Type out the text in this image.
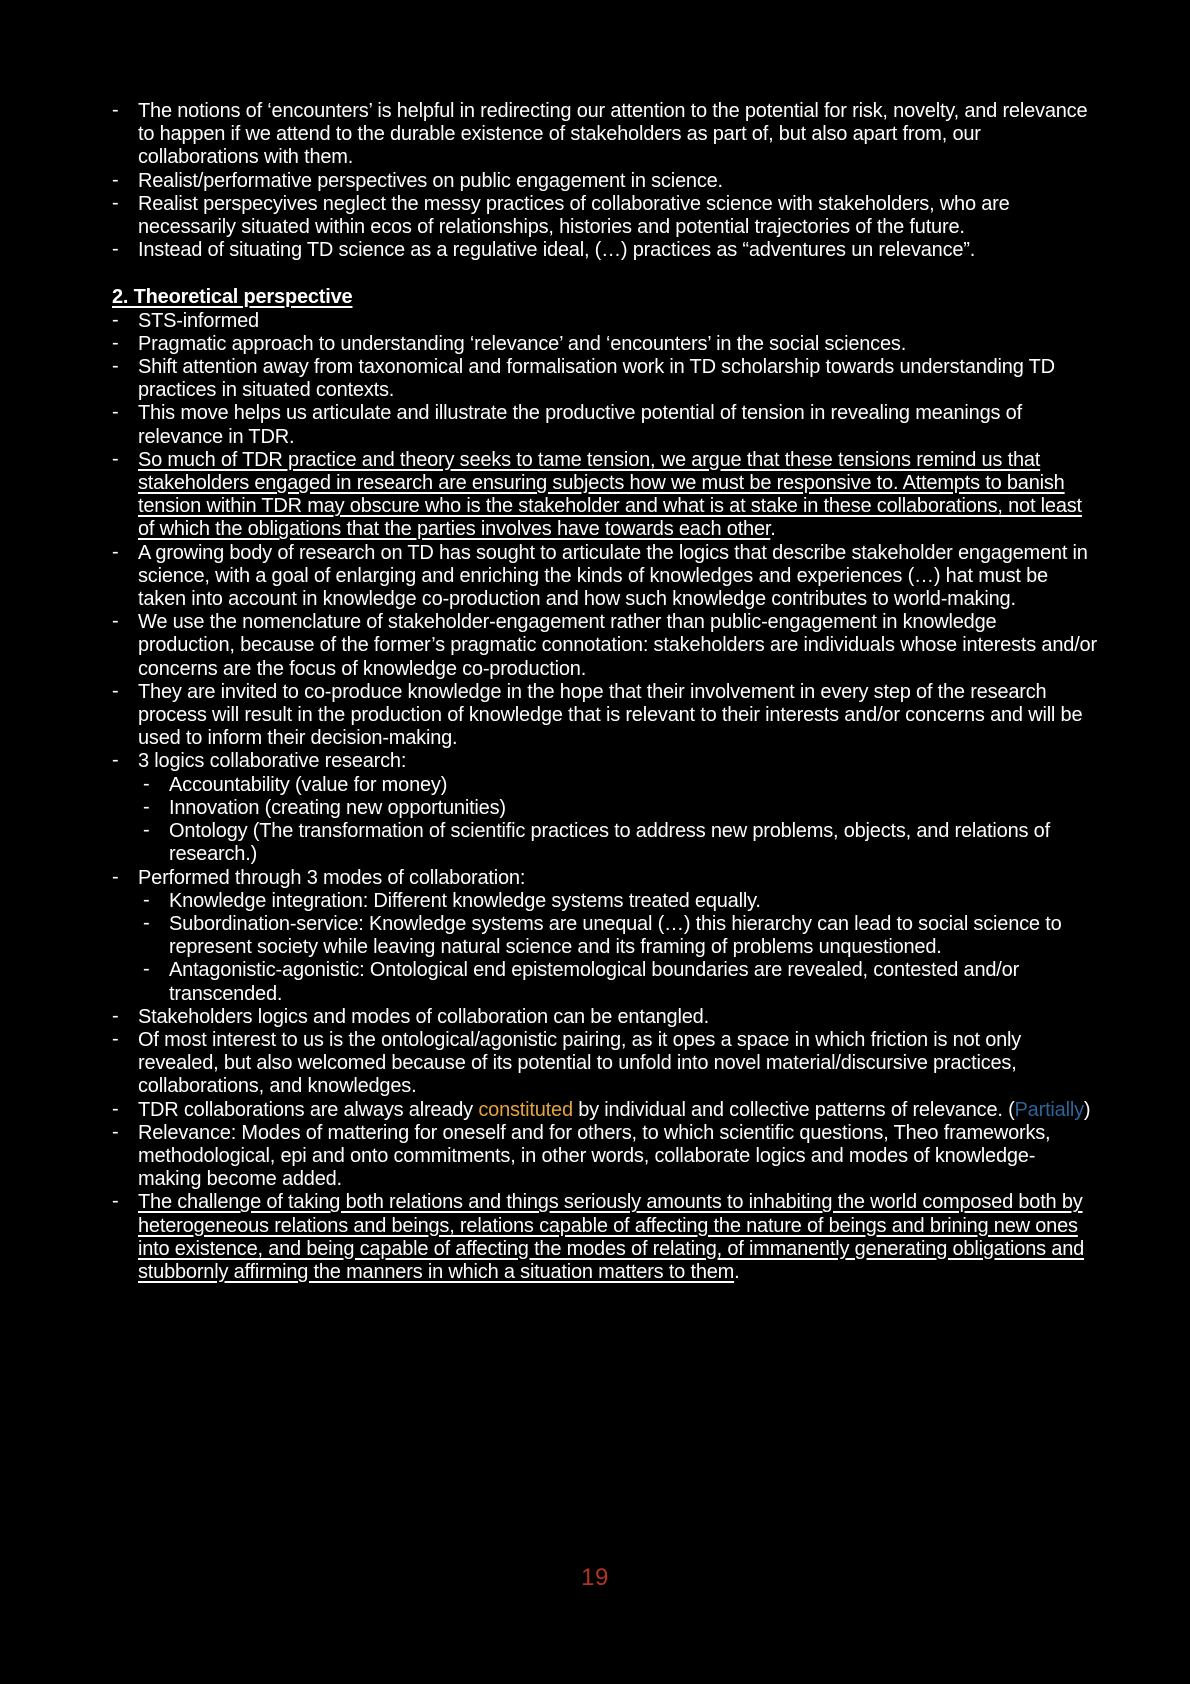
- The notions of ‘encounters’ is helpful in redirecting our attention to the potential for risk, novelty, and relevance to happen if we attend to the durable existence of stakeholders as part of, but also apart from, our collaborations with them.
- Realist/performative perspectives on public engagement in science.
- Realist perspecyives neglect the messy practices of collaborative science with stakeholders, who are necessarily situated within ecos of relationships, histories and potential trajectories of the future.
- Instead of situating TD science as a regulative ideal, (…) practices as “adventures un relevance”.
2. Theoretical perspective
- STS-informed
- Pragmatic approach to understanding ‘relevance’ and ‘encounters’ in the social sciences.
- Shift attention away from taxonomical and formalisation work in TD scholarship towards understanding TD practices in situated contexts.
- This move helps us articulate and illustrate the productive potential of tension in revealing meanings of relevance in TDR.
- So much of TDR practice and theory seeks to tame tension, we argue that these tensions remind us that stakeholders engaged in research are ensuring subjects how we must be responsive to. Attempts to banish tension within TDR may obscure who is the stakeholder and what is at stake in these collaborations, not least of which the obligations that the parties involves have towards each other.
- A growing body of research on TD has sought to articulate the logics that describe stakeholder engagement in science, with a goal of enlarging and enriching the kinds of knowledges and experiences (…) hat must be taken into account in knowledge co-production and how such knowledge contributes to world-making.
- We use the nomenclature of stakeholder-engagement rather than public-engagement in knowledge production, because of the former’s pragmatic connotation: stakeholders are individuals whose interests and/or concerns are the focus of knowledge co-production.
- They are invited to co-produce knowledge in the hope that their involvement in every step of the research process will result in the production of knowledge that is relevant to their interests and/or concerns and will be used to inform their decision-making.
- 3 logics collaborative research:
- Accountability (value for money)
- Innovation (creating new opportunities)
- Ontology (The transformation of scientific practices to address new problems, objects, and relations of research.)
- Performed through 3 modes of collaboration:
- Knowledge integration: Different knowledge systems treated equally.
- Subordination-service: Knowledge systems are unequal (…) this hierarchy can lead to social science to represent society while leaving natural science and its framing of problems unquestioned.
- Antagonistic-agonistic: Ontological end epistemological boundaries are revealed, contested and/or transcended.
- Stakeholders logics and modes of collaboration can be entangled.
- Of most interest to us is the ontological/agonistic pairing, as it opes a space in which friction is not only revealed, but also welcomed because of its potential to unfold into novel material/discursive practices, collaborations, and knowledges.
- TDR collaborations are always already constituted by individual and collective patterns of relevance. (Partially)
- Relevance: Modes of mattering for oneself and for others, to which scientific questions, Theo frameworks, methodological, epi and onto commitments, in other words, collaborate logics and modes of knowledge-making become added.
- The challenge of taking both relations and things seriously amounts to inhabiting the world composed both by heterogeneous relations and beings, relations capable of affecting the nature of beings and brining new ones into existence, and being capable of affecting the modes of relating, of immanently generating obligations and stubbornly affirming the manners in which a situation matters to them.
19
